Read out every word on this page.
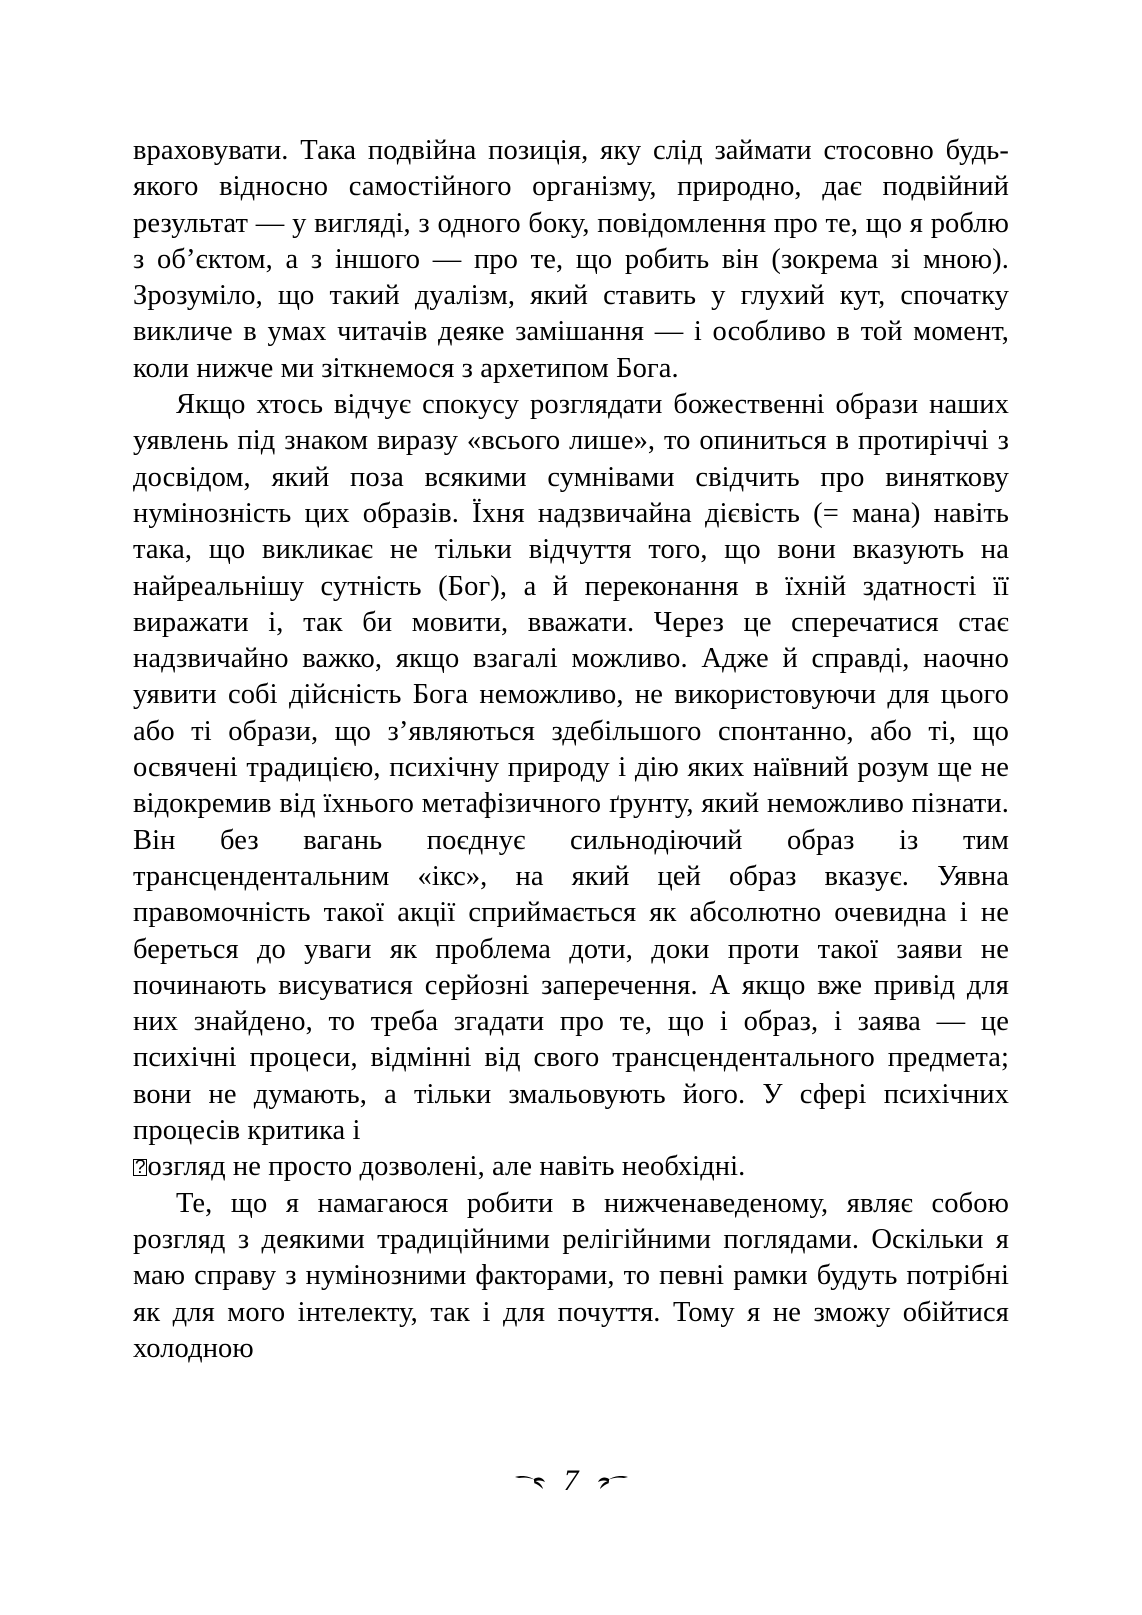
враховувати. Така подвійна позиція, яку слід займати стосовно будь-якого відносно самостійного організму, природно, дає подвійний результат — у вигляді, з одного боку, повідомлення про те, що я роблю з об’єктом, а з іншого — про те, що робить він (зокрема зі мною). Зрозуміло, що такий дуалізм, який ставить у глухий кут, спочатку викличе в умах читачів деяке замішання — і особливо в той момент, коли нижче ми зіткнемося з архетипом Бога.

Якщо хтось відчує спокусу розглядати божественні образи наших уявлень під знаком виразу «всього лише», то опиниться в протиріччі з досвідом, який поза всякими сумнівами свідчить про виняткову нумінозність цих образів. Їхня надзвичайна дієвість (= мана) навіть така, що викликає не тільки відчуття того, що вони вказують на найреальнішу сутність (Бог), а й переконання в їхній здатності її виражати і, так би мовити, вважати. Через це сперечатися стає надзвичайно важко, якщо взагалі можливо. Адже й справді, наочно уявити собі дійсність Бога неможливо, не використовуючи для цього або ті образи, що з’являються здебільшого спонтанно, або ті, що освячені традицією, психічну природу і дію яких наївний розум ще не відокремив від їхнього метафізичного ґрунту, який неможливо пізнати. Він без вагань поєднує сильнодіючий образ із тим трансцендентальним «ікс», на який цей образ вказує. Уявна правомочність такої акції сприймається як абсолютно очевидна і не береться до уваги як проблема доти, доки проти такої заяви не починають висуватися серйозні заперечення. А якщо вже привід для них знайдено, то треба згадати про те, що і образ, і заява — це психічні процеси, відмінні від свого трансцендентального предмета; вони не думають, а тільки змальовують його. У сфері психічних процесів критика і

? озгляд не просто дозволені, але навіть необхідні.

Те, що я намагаюся робити в нижченаведеному, являє собою розгляд з деякими традиційними релігійними поглядами. Оскільки я маю справу з нумінозними факторами, то певні рамки будуть потрібні як для мого інтелекту, так і для почуття. Тому я не зможу обійтися холодною

7
